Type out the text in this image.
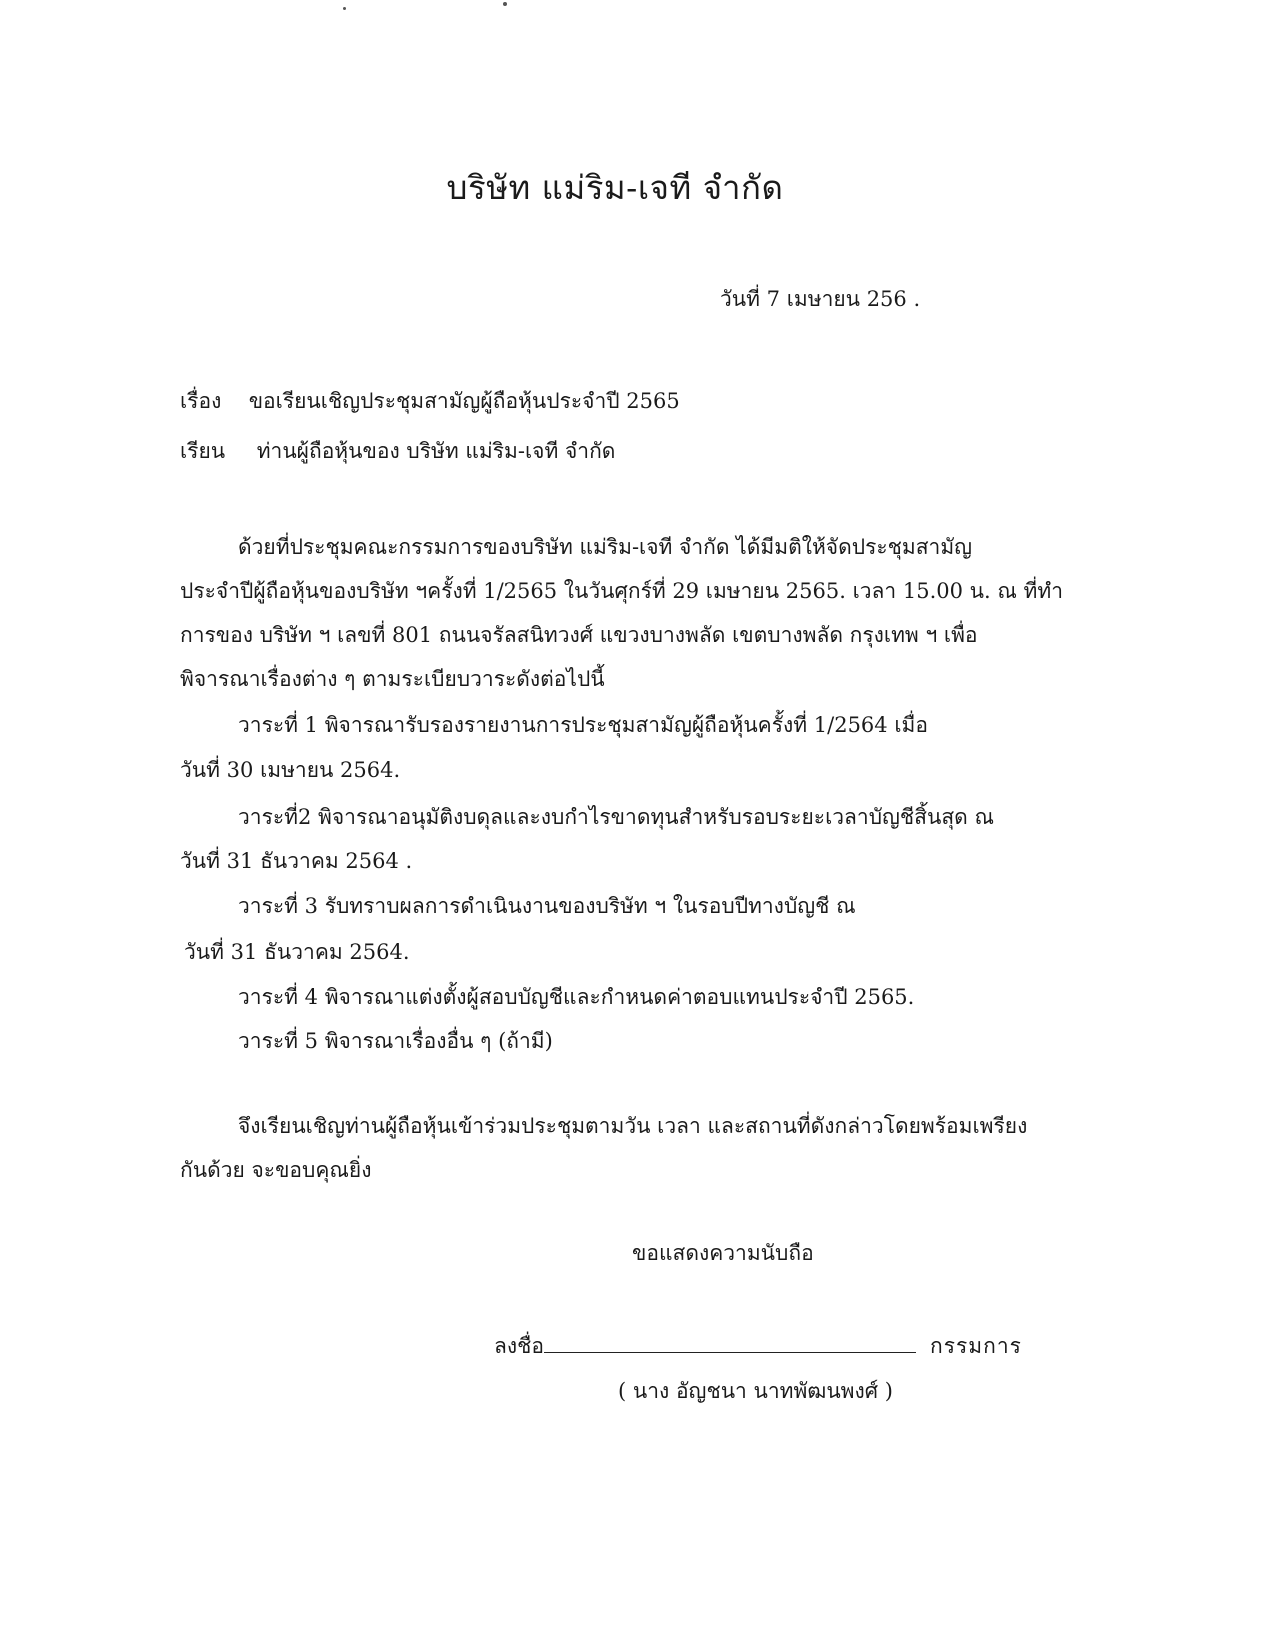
บริษัท แม่ริม-เจที จำกัด
วันที่ 7 เมษายน 256 .
เรื่อง ขอเรียนเชิญประชุมสามัญผู้ถือหุ้นประจำปี 2565
เรียน ท่านผู้ถือหุ้นของ บริษัท แม่ริม-เจที จำกัด
ด้วยที่ประชุมคณะกรรมการของบริษัท แม่ริม-เจที จำกัด ได้มีมติให้จัดประชุมสามัญ
ประจำปีผู้ถือหุ้นของบริษัท ฯครั้งที่ 1/2565 ในวันศุกร์ที่ 29 เมษายน 2565. เวลา 15.00 น. ณ ที่ทำ
การของ บริษัท ฯ เลขที่ 801 ถนนจรัลสนิทวงศ์ แขวงบางพลัด เขตบางพลัด กรุงเทพ ฯ เพื่อ
พิจารณาเรื่องต่าง ๆ ตามระเบียบวาระดังต่อไปนี้
วาระที่ 1 พิจารณารับรองรายงานการประชุมสามัญผู้ถือหุ้นครั้งที่ 1/2564 เมื่อ
วันที่ 30 เมษายน 2564.
วาระที่2 พิจารณาอนุมัติงบดุลและงบกำไรขาดทุนสำหรับรอบระยะเวลาบัญชีสิ้นสุด ณ
วันที่ 31 ธันวาคม 2564 .
วาระที่ 3 รับทราบผลการดำเนินงานของบริษัท ฯ ในรอบปีทางบัญชี ณ
วันที่ 31 ธันวาคม 2564.
วาระที่ 4 พิจารณาแต่งตั้งผู้สอบบัญชีและกำหนดค่าตอบแทนประจำปี 2565.
วาระที่ 5 พิจารณาเรื่องอื่น ๆ (ถ้ามี)
จึงเรียนเชิญท่านผู้ถือหุ้นเข้าร่วมประชุมตามวัน เวลา และสถานที่ดังกล่าวโดยพร้อมเพรียง
กันด้วย จะขอบคุณยิ่ง
ขอแสดงความนับถือ
ลงชื่อ	กรรมการ
( นาง อัญชนา นาทพัฒนพงศ์ )
